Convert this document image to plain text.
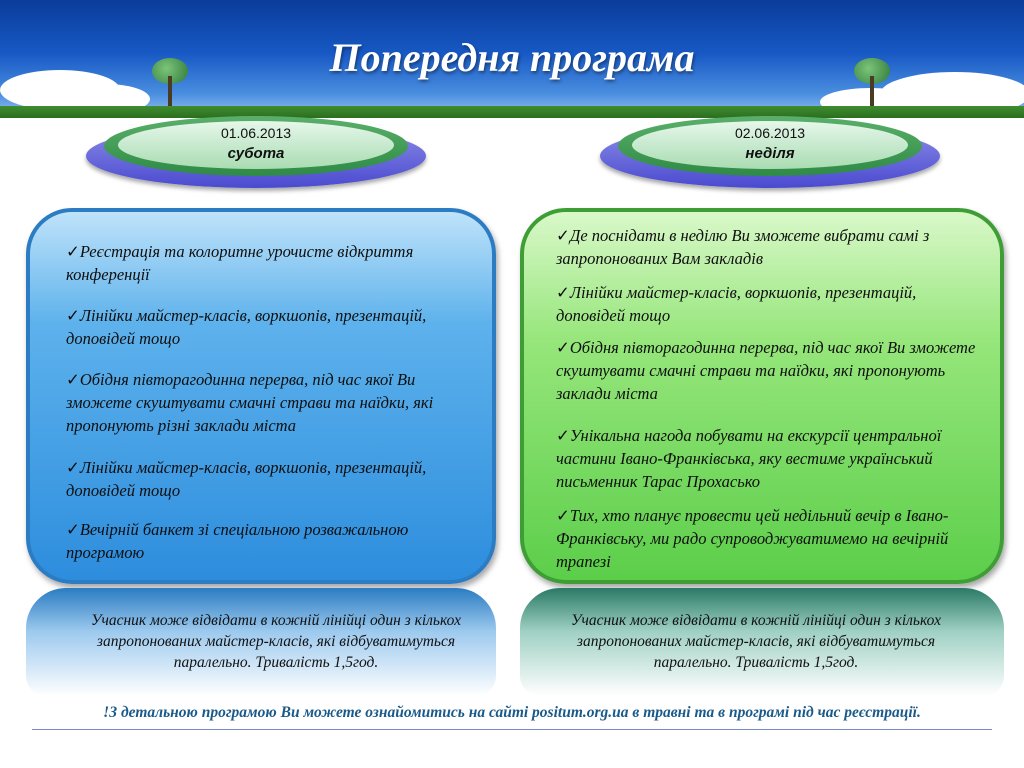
Попередня програма
01.06.2013
субота
02.06.2013
неділя
✓Реєстрація та колоритне урочисте відкриття конференції
✓Лінійки майстер-класів, воркшопів, презентацій, доповідей тощо
✓Обідня півторагодинна перерва, під час якої Ви зможете скуштувати смачні страви та наїдки, які пропонують різні заклади міста
✓Лінійки майстер-класів, воркшопів, презентацій, доповідей тощо
✓Вечірній банкет зі спеціальною розважальною програмою
✓Де поснідати в неділю Ви зможете вибрати самі з запропонованих Вам закладів
✓Лінійки майстер-класів, воркшопів, презентацій, доповідей тощо
✓Обідня півторагодинна перерва, під час якої Ви зможете скуштувати смачні страви та наїдки, які пропонують заклади міста
✓Унікальна нагода побувати на екскурсії центральної частини Івано-Франківська, яку вестиме український письменник Тарас Прохасько
✓Тих, хто планує провести цей недільний вечір в Івано-Франківську, ми радо супроводжуватимемо на вечірній трапезі
Учасник може відвідати в кожній лінійці один з кількох запропонованих майстер-класів, які відбуватимуться паралельно. Тривалість 1,5год.
Учасник може відвідати в кожній лінійці один з кількох запропонованих майстер-класів, які відбуватимуться паралельно. Тривалість 1,5год.
!З детальною програмою Ви можете ознайомитись на сайті positum.org.ua в травні та в програмі під час реєстрації.
